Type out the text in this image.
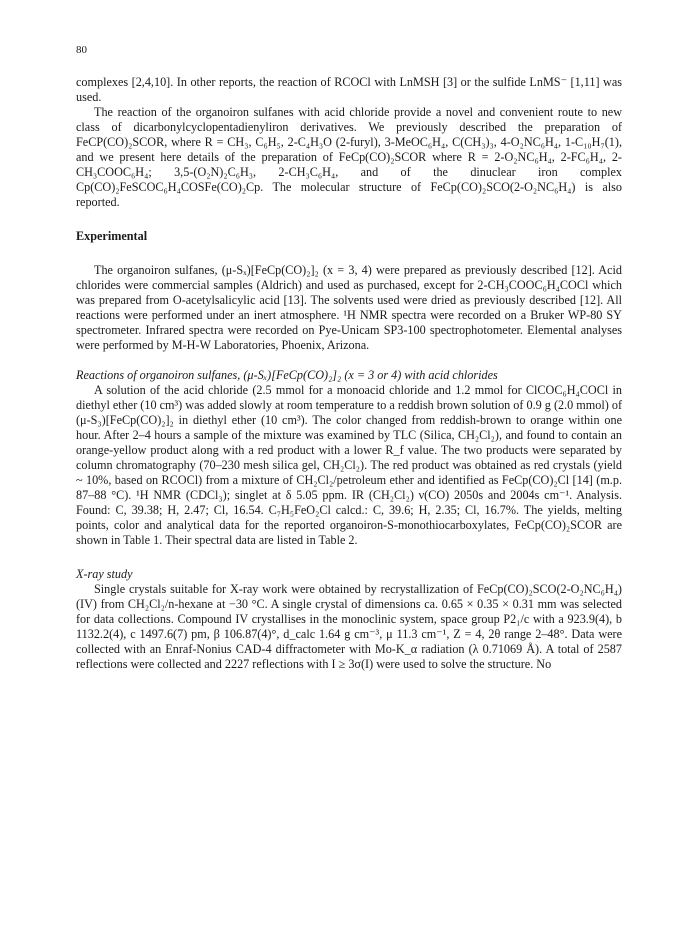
80

complexes [2,4,10]. In other reports, the reaction of RCOCl with LnMSH [3] or the sulfide LnMS⁻ [1,11] was used.

The reaction of the organoiron sulfanes with acid chloride provide a novel and convenient route to new class of dicarbonylcyclopentadienyliron derivatives. We previously described the preparation of FeCP(CO)₂SCOR, where R = CH₃, C₆H₅, 2-C₄H₃O (2-furyl), 3-MeOC₆H₄, C(CH₃)₃, 4-O₂NC₆H₄, 1-C₁₀H₇(1), and we present here details of the preparation of FeCp(CO)₂SCOR where R = 2-O₂NC₆H₄, 2-FC₆H₄, 2-CH₃COOC₆H₄; 3,5-(O₂N)₂C₆H₃, 2-CH₃C₆H₄, and of the dinuclear iron complex Cp(CO)₂FeSCOC₆H₄COSFe(CO)₂Cp. The molecular structure of FeCp(CO)₂SCO(2-O₂NC₆H₄) is also reported.

Experimental

The organoiron sulfanes, (μ-Sₓ)[FeCp(CO)₂]₂ (x = 3, 4) were prepared as previously described [12]. Acid chlorides were commercial samples (Aldrich) and used as purchased, except for 2-CH₃COOC₆H₄COCl which was prepared from O-acetylsalicylic acid [13]. The solvents used were dried as previously described [12]. All reactions were performed under an inert atmosphere. ¹H NMR spectra were recorded on a Bruker WP-80 SY spectrometer. Infrared spectra were recorded on Pye-Unicam SP3-100 spectrophotometer. Elemental analyses were performed by M-H-W Laboratories, Phoenix, Arizona.

Reactions of organoiron sulfanes, (μ-Sₓ)[FeCp(CO)₂]₂ (x = 3 or 4) with acid chlorides

A solution of the acid chloride (2.5 mmol for a monoacid chloride and 1.2 mmol for ClCOC₆H₄COCl in diethyl ether (10 cm³) was added slowly at room temperature to a reddish brown solution of 0.9 g (2.0 mmol) of (μ-S₃)[FeCp(CO)₂]₂ in diethyl ether (10 cm³). The color changed from reddish-brown to orange within one hour. After 2–4 hours a sample of the mixture was examined by TLC (Silica, CH₂Cl₂), and found to contain an orange-yellow product along with a red product with a lower R_f value. The two products were separated by column chromatography (70–230 mesh silica gel, CH₂Cl₂). The red product was obtained as red crystals (yield ~ 10%, based on RCOCl) from a mixture of CH₂Cl₂/petroleum ether and identified as FeCp(CO)₂Cl [14] (m.p. 87–88 °C). ¹H NMR (CDCl₃); singlet at δ 5.05 ppm. IR (CH₂Cl₂) ν(CO) 2050s and 2004s cm⁻¹. Analysis. Found: C, 39.38; H, 2.47; Cl, 16.54. C₇H₅FeO₂Cl calcd.: C, 39.6; H, 2.35; Cl, 16.7%. The yields, melting points, color and analytical data for the reported organoiron-S-monothiocarboxylates, FeCp(CO)₂SCOR are shown in Table 1. Their spectral data are listed in Table 2.

X-ray study

Single crystals suitable for X-ray work were obtained by recrystallization of FeCp(CO)₂SCO(2-O₂NC₆H₄) (IV) from CH₂Cl₂/n-hexane at −30 °C. A single crystal of dimensions ca. 0.65 × 0.35 × 0.31 mm was selected for data collections. Compound IV crystallises in the monoclinic system, space group P2₁/c with a 923.9(4), b 1132.2(4), c 1497.6(7) pm, β 106.87(4)°, d_calc 1.64 g cm⁻³, μ 11.3 cm⁻¹, Z = 4, 2θ range 2–48°. Data were collected with an Enraf-Nonius CAD-4 diffractometer with Mo-K_α radiation (λ 0.71069 Å). A total of 2587 reflections were collected and 2227 reflections with I ≥ 3σ(I) were used to solve the structure. No
